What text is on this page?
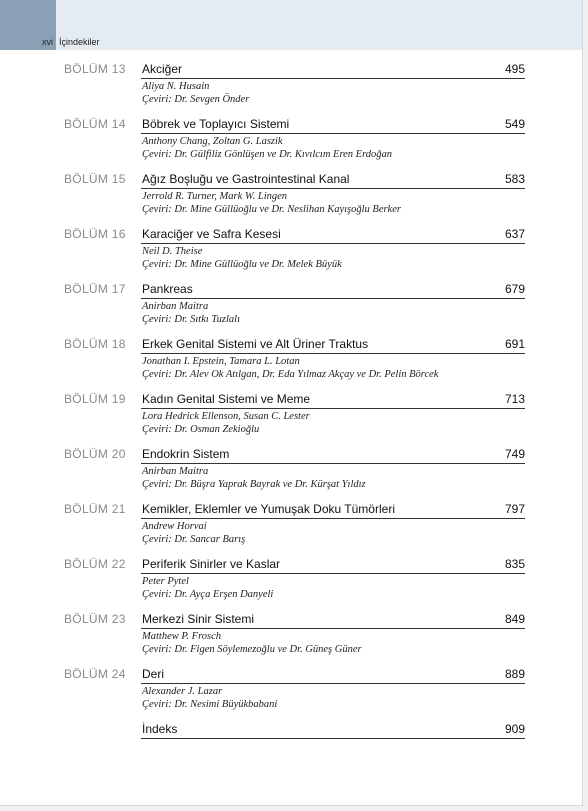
xvi İçindekiler
BÖLÜM 13 Akciğer	495
Aliya N. Husain
Çeviri: Dr. Sevgen Önder
BÖLÜM 14 Böbrek ve Toplayıcı Sistemi	549
Anthony Chang, Zoltan G. Laszik
Çeviri: Dr. Gülfiliz Gönlüşen ve Dr. Kıvılcım Eren Erdoğan
BÖLÜM 15 Ağız Boşluğu ve Gastrointestinal Kanal	583
Jerrold R. Turner, Mark W. Lingen
Çeviri: Dr. Mine Güllüoğlu ve Dr. Neslihan Kayışoğlu Berker
BÖLÜM 16 Karaciğer ve Safra Kesesi	637
Neil D. Theise
Çeviri: Dr. Mine Güllüoğlu ve Dr. Melek Büyük
BÖLÜM 17 Pankreas	679
Anirban Maitra
Çeviri: Dr. Sıtkı Tuzlalı
BÖLÜM 18 Erkek Genital Sistemi ve Alt Üriner Traktus	691
Jonathan I. Epstein, Tamara L. Lotan
Çeviri: Dr. Alev Ok Atılgan, Dr. Eda Yılmaz Akçay ve Dr. Pelin Börcek
BÖLÜM 19 Kadın Genital Sistemi ve Meme	713
Lora Hedrick Ellenson, Susan C. Lester
Çeviri: Dr. Osman Zekioğlu
BÖLÜM 20 Endokrin Sistem	749
Anirban Maitra
Çeviri: Dr. Büşra Yaprak Bayrak ve Dr. Kürşat Yıldız
BÖLÜM 21 Kemikler, Eklemler ve Yumuşak Doku Tümörleri	797
Andrew Horvai
Çeviri: Dr. Sancar Barış
BÖLÜM 22 Periferik Sinirler ve Kaslar	835
Peter Pytel
Çeviri: Dr. Ayça Erşen Danyeli
BÖLÜM 23 Merkezi Sinir Sistemi	849
Matthew P. Frosch
Çeviri: Dr. Figen Söylemezoğlu ve Dr. Güneş Güner
BÖLÜM 24 Deri	889
Alexander J. Lazar
Çeviri: Dr. Nesimi Büyükbabani
İndeks	909
